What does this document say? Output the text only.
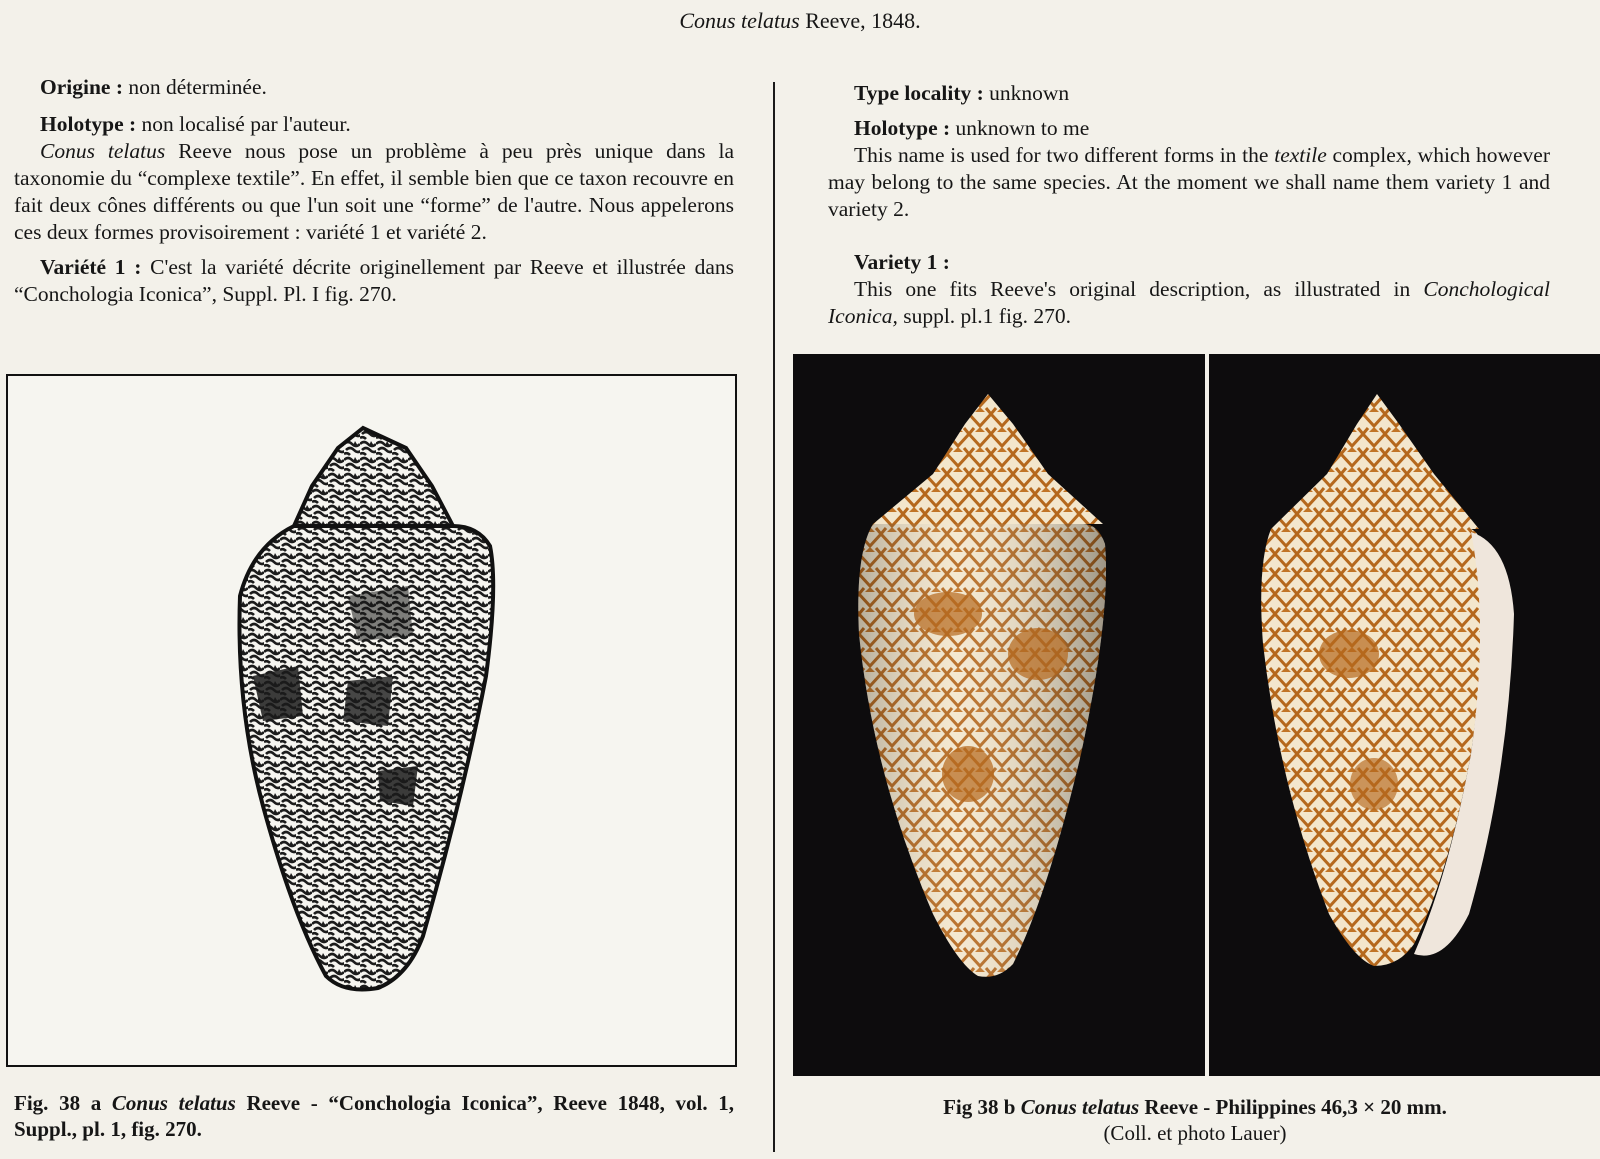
Conus telatus Reeve, 1848.

Origine : non déterminée.

Holotype : non localisé par l'auteur.

Conus telatus Reeve nous pose un problème à peu près unique dans la taxonomie du “complexe textile”. En effet, il semble bien que ce taxon recouvre en fait deux cônes différents ou que l'un soit une “forme” de l'autre. Nous appelerons ces deux formes provisoirement : variété 1 et variété 2.

Variété 1 : C'est la variété décrite originellement par Reeve et illustrée dans “Conchologia Iconica”, Suppl. Pl. I fig. 270.

Type locality : unknown

Holotype : unknown to me

This name is used for two different forms in the textile complex, which however may belong to the same species. At the moment we shall name them variety 1 and variety 2.

Variety 1 :

This one fits Reeve's original description, as illustrated in Conchological Iconica, suppl. pl.1 fig. 270.

Fig. 38 a Conus telatus Reeve - “Conchologia Iconica”, Reeve 1848, vol. 1, Suppl., pl. 1, fig. 270.
Fig 38 b Conus telatus Reeve - Philippines 46,3 × 20 mm.
(Coll. et photo Lauer)
